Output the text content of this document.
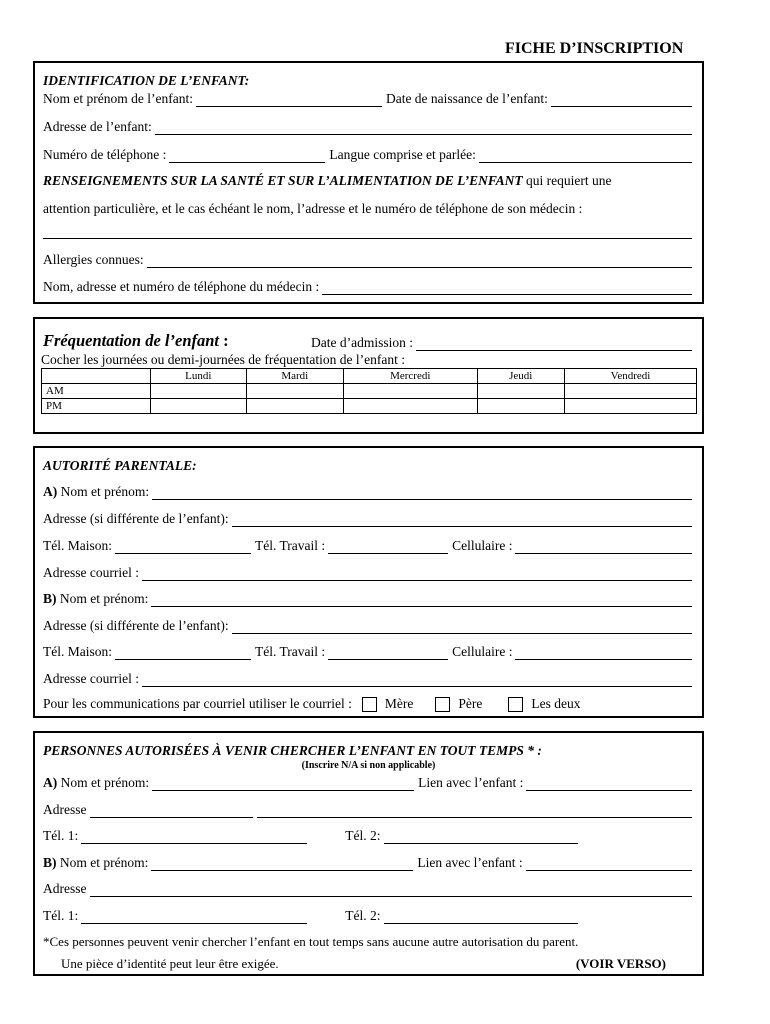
FICHE D’INSCRIPTION
IDENTIFICATION DE L’ENFANT:
Nom et prénom de l’enfant:	Date de naissance de l’enfant:
Adresse de l’enfant:
Numéro de téléphone :	Langue comprise et parlée:
RENSEIGNEMENTS SUR LA SANTÉ ET SUR L’ALIMENTATION DE L’ENFANT qui requiert une
attention particulière, et le cas échéant le nom, l’adresse et le numéro de téléphone de son médecin :
Allergies connues:
Nom, adresse et numéro de téléphone du médecin :
Fréquentation de l’enfant :	Date d’admission :
Cocher les journées ou demi-journées de fréquentation de l’enfant :
	Lundi	Mardi	Mercredi	Jeudi	Vendredi
AM					
PM					
AUTORITÉ PARENTALE:
A) Nom et prénom:
Adresse (si différente de l’enfant):
Tél. Maison:	Tél. Travail :	Cellulaire :
Adresse courriel :
B) Nom et prénom:
Adresse (si différente de l’enfant):
Tél. Maison:	Tél. Travail :	Cellulaire :
Adresse courriel :
Pour les communications par courriel utiliser le courriel : Mère	Père	Les deux
PERSONNES AUTORISÉES À VENIR CHERCHER L’ENFANT EN TOUT TEMPS * :
(Inscrire N/A si non applicable)
A) Nom et prénom:	Lien avec l’enfant :
Adresse
Tél. 1:	Tél. 2:
B) Nom et prénom:	Lien avec l’enfant :
Adresse
Tél. 1:	Tél. 2:
*Ces personnes peuvent venir chercher l’enfant en tout temps sans aucune autre autorisation du parent.
Une pièce d’identité peut leur être exigée.	(VOIR VERSO)
